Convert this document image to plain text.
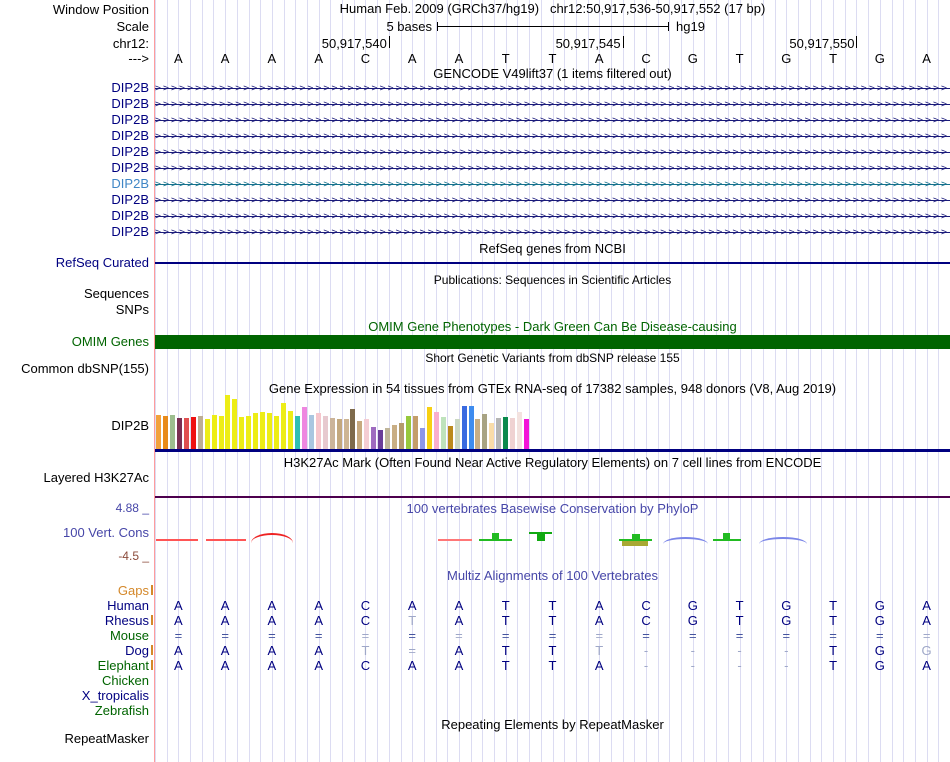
Window Position	Human Feb. 2009 (GRCh37/hg19) chr12:50,917,536-50,917,552 (17 bp)
Scale	5 bases	hg19
chr12:	50,917,540	50,917,545	50,917,550
--->	A	A	A	A	C	A	A	T	T	A	C	G	T	G	T	G	A
GENCODE V49lift37 (1 items filtered out)
DIP2B >>>>>>>>>>>>>>>>>>>>>>>>>>>>>>>>>>>>>>>>>>>>>>>>>>>>>>>>>>>>>>>>>>>>>>>>>>>>>>>>>>>>>>>>>>>>>>>>>>>
DIP2B >>>>>>>>>>>>>>>>>>>>>>>>>>>>>>>>>>>>>>>>>>>>>>>>>>>>>>>>>>>>>>>>>>>>>>>>>>>>>>>>>>>>>>>>>>>>>>>>>>>
DIP2B >>>>>>>>>>>>>>>>>>>>>>>>>>>>>>>>>>>>>>>>>>>>>>>>>>>>>>>>>>>>>>>>>>>>>>>>>>>>>>>>>>>>>>>>>>>>>>>>>>>
DIP2B >>>>>>>>>>>>>>>>>>>>>>>>>>>>>>>>>>>>>>>>>>>>>>>>>>>>>>>>>>>>>>>>>>>>>>>>>>>>>>>>>>>>>>>>>>>>>>>>>>>
DIP2B >>>>>>>>>>>>>>>>>>>>>>>>>>>>>>>>>>>>>>>>>>>>>>>>>>>>>>>>>>>>>>>>>>>>>>>>>>>>>>>>>>>>>>>>>>>>>>>>>>>
DIP2B >>>>>>>>>>>>>>>>>>>>>>>>>>>>>>>>>>>>>>>>>>>>>>>>>>>>>>>>>>>>>>>>>>>>>>>>>>>>>>>>>>>>>>>>>>>>>>>>>>>
DIP2B >>>>>>>>>>>>>>>>>>>>>>>>>>>>>>>>>>>>>>>>>>>>>>>>>>>>>>>>>>>>>>>>>>>>>>>>>>>>>>>>>>>>>>>>>>>>>>>>>>>
DIP2B >>>>>>>>>>>>>>>>>>>>>>>>>>>>>>>>>>>>>>>>>>>>>>>>>>>>>>>>>>>>>>>>>>>>>>>>>>>>>>>>>>>>>>>>>>>>>>>>>>>
DIP2B >>>>>>>>>>>>>>>>>>>>>>>>>>>>>>>>>>>>>>>>>>>>>>>>>>>>>>>>>>>>>>>>>>>>>>>>>>>>>>>>>>>>>>>>>>>>>>>>>>>
DIP2B >>>>>>>>>>>>>>>>>>>>>>>>>>>>>>>>>>>>>>>>>>>>>>>>>>>>>>>>>>>>>>>>>>>>>>>>>>>>>>>>>>>>>>>>>>>>>>>>>>>
RefSeq genes from NCBI
RefSeq Curated
Publications: Sequences in Scientific Articles
Sequences
SNPs
OMIM Gene Phenotypes - Dark Green Can Be Disease-causing
OMIM Genes
Short Genetic Variants from dbSNP release 155
Common dbSNP(155)
Gene Expression in 54 tissues from GTEx RNA-seq of 17382 samples, 948 donors (V8, Aug 2019)
DIP2B
H3K27Ac Mark (Often Found Near Active Regulatory Elements) on 7 cell lines from ENCODE
Layered H3K27Ac
4.88 _	100 vertebrates Basewise Conservation by PhyloP
100 Vert. Cons
-4.5 _
Multiz Alignments of 100 Vertebrates
Gaps
Human	A	A	A	A	C	A	A	T	T	A	C	G	T	G	T	G	A
Rhesus	A	A	A	A	C	T	A	T	T	A	C	G	T	G	T	G	A
Mouse	=	=	=	=	=	=	=	=	=	=	=	=	=	=	=	=	=
Dog	A	A	A	A	T	=	A	T	T	T	-	-	-	-	T	G	G
Elephant	A	A	A	A	C	A	A	T	T	A	-	-	-	-	T	G	A
Chicken
X_tropicalis
Zebrafish
Repeating Elements by RepeatMasker
RepeatMasker
